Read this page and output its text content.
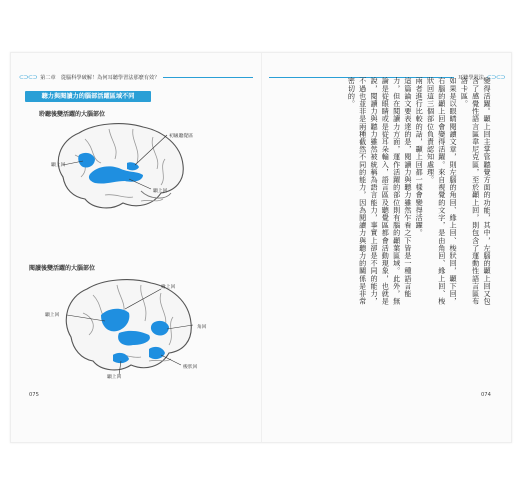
⊂⊃⊂⊃ 第二章　從腦科學破解！為何耳聽學習法那麼有效？
聽力與閱讀力的腦部活躍區域不同
聆聽後變活躍的大腦部位
初級聽覺區
顳上回
顳上回
閱讀後變活躍的大腦部位
緣上回
顳上回
角回
梭狀回
顳上回
075
耳聽學習法 ⊂⊃⊂⊃

變得活躍。顳上回主掌管聽覺方面的功能，其中，左腦的顳上回又包含了感覺性語言區韋尼克區，至於顳上回，則包含了運動性語言區布洛卡區。

如果是以眼睛閱讀文章，則左腦的角回、緣上回、梭狀回，顳下回，右腦的顳上回會變得活躍。來自視覺的文字，是由角回、緣上回、梭狀回這三個部位負責認知處理。

兩者進行比較的話，顳上回都一樣會變得活躍。

這篇論文要表達的是，閱讀力與聽力雖然乍看之下皆是一種語言能力，但在閱讀力方面，運作活躍的部位則有腦的顳葉區域。此外，無論是從眼睛或是從耳朵輸入，語言區及聽覺區都會活動現象，也就是說，閱讀力與聽力雖然被統稱為語言能力，事實上卻是不同的能力，不過也並非是兩種截然不同的能力，因為閱讀力與聽力的關係是非常密切的。

074
